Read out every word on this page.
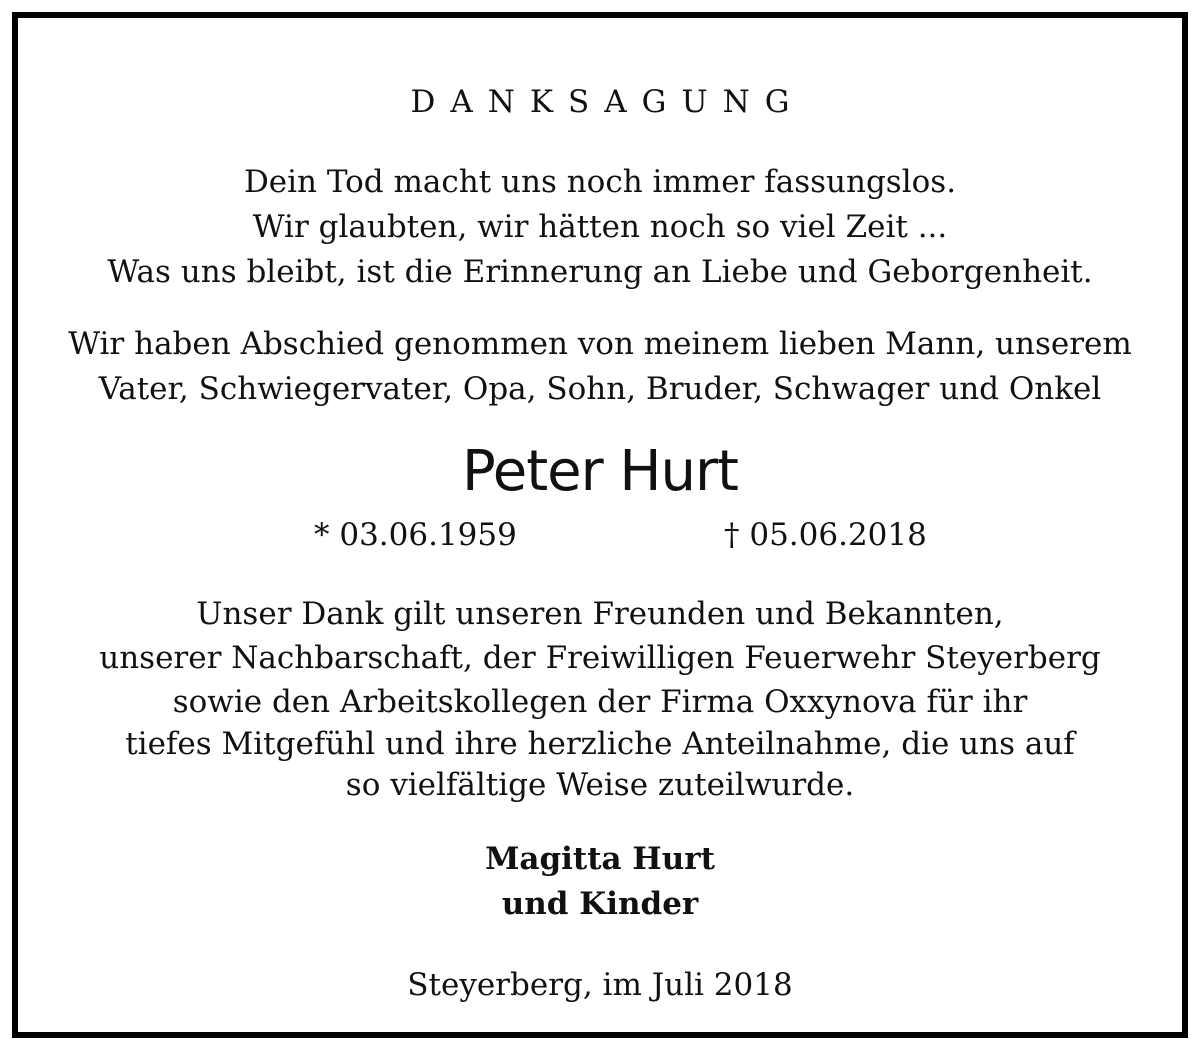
DANKSAGUNG
Dein Tod macht uns noch immer fassungslos.
Wir glaubten, wir hätten noch so viel Zeit ...
Was uns bleibt, ist die Erinnerung an Liebe und Geborgenheit.
Wir haben Abschied genommen von meinem lieben Mann, unserem
Vater, Schwiegervater, Opa, Sohn, Bruder, Schwager und Onkel
Peter Hurt
* 03.06.1959	† 05.06.2018
Unser Dank gilt unseren Freunden und Bekannten,
unserer Nachbarschaft, der Freiwilligen Feuerwehr Steyerberg
sowie den Arbeitskollegen der Firma Oxxynova für ihr
tiefes Mitgefühl und ihre herzliche Anteilnahme, die uns auf
so vielfältige Weise zuteilwurde.
Magitta Hurt
und Kinder
Steyerberg, im Juli 2018
